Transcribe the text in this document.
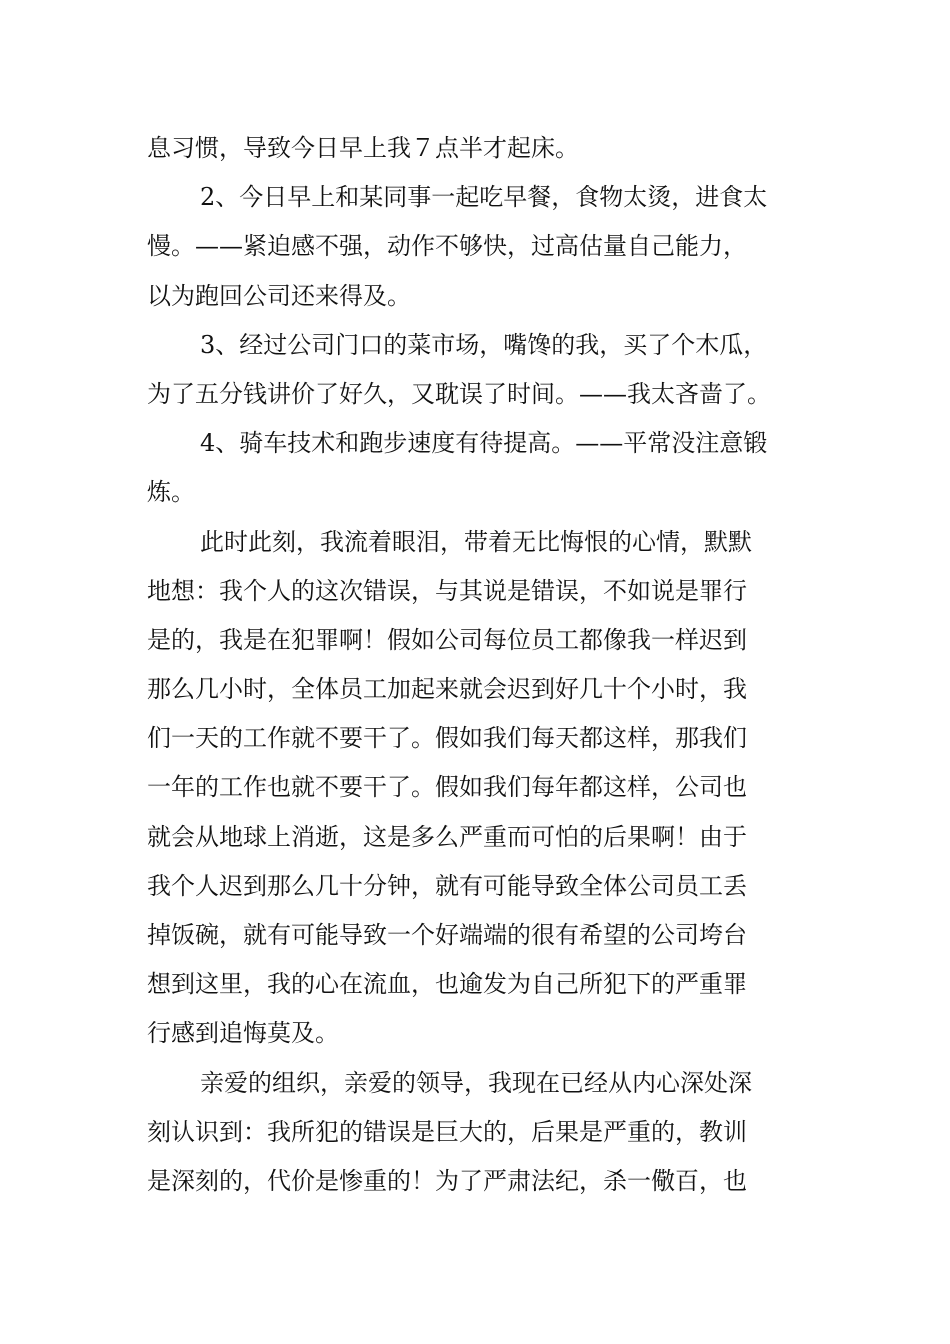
息习惯，导致今日早上我７点半才起床。
2、今日早上和某同事一起吃早餐，食物太烫，进食太
慢。——紧迫感不强，动作不够快，过高估量自己能力，
以为跑回公司还来得及。
3、经过公司门口的菜市场，嘴馋的我，买了个木瓜，
为了五分钱讲价了好久，又耽误了时间。——我太吝啬了。
4、骑车技术和跑步速度有待提高。——平常没注意锻
炼。
此时此刻，我流着眼泪，带着无比悔恨的心情，默默
地想：我个人的这次错误，与其说是错误，不如说是罪行
是的，我是在犯罪啊！假如公司每位员工都像我一样迟到
那么几小时，全体员工加起来就会迟到好几十个小时，我
们一天的工作就不要干了。假如我们每天都这样，那我们
一年的工作也就不要干了。假如我们每年都这样，公司也
就会从地球上消逝，这是多么严重而可怕的后果啊！由于
我个人迟到那么几十分钟，就有可能导致全体公司员工丢
掉饭碗，就有可能导致一个好端端的很有希望的公司垮台
想到这里，我的心在流血，也逾发为自己所犯下的严重罪
行感到追悔莫及。
亲爱的组织，亲爱的领导，我现在已经从内心深处深
刻认识到：我所犯的错误是巨大的，后果是严重的，教训
是深刻的，代价是惨重的！为了严肃法纪，杀一儆百，也
